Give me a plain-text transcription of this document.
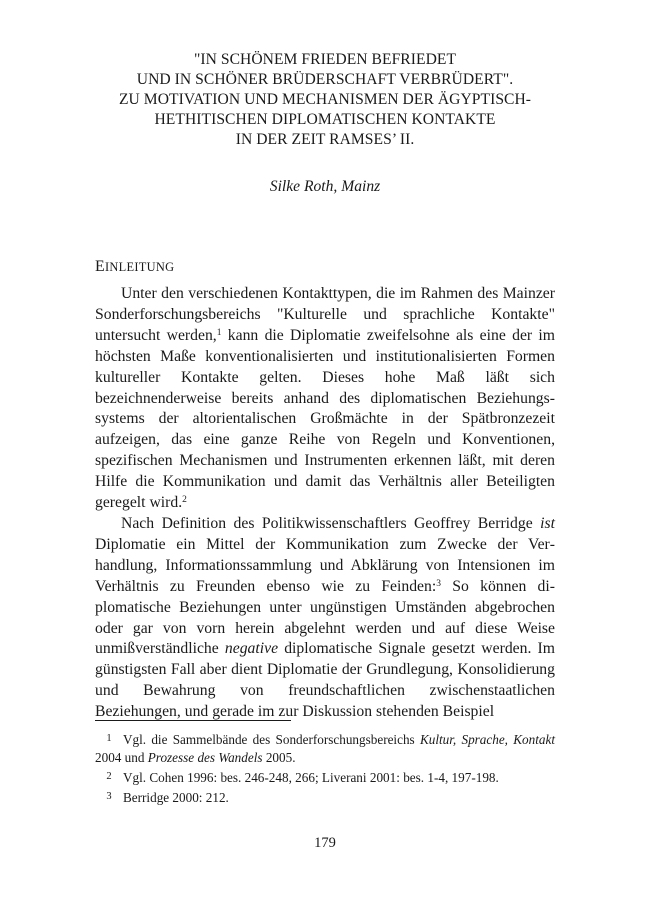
"IN SCHÖNEM FRIEDEN BEFRIEDET
UND IN SCHÖNER BRÜDERSCHAFT VERBRÜDERT".
ZU MOTIVATION UND MECHANISMEN DER ÄGYPTISCH-
HETHITISCHEN DIPLOMATISCHEN KONTAKTE
IN DER ZEIT RAMSES’ II.
Silke Roth, Mainz
EINLEITUNG

Unter den verschiedenen Kontakttypen, die im Rahmen des Mainzer Sonderforschungsbereichs "Kulturelle und sprachliche Kontakte" untersucht werden,$^1$ kann die Diplomatie zweifelsohne als eine der im höchsten Maße konventionalisierten und institutionalisierten Formen kultureller Kontakte gelten. Dieses hohe Maß läßt sich bezeichnenderweise bereits anhand des diplomatischen Beziehungssystems der altorientalischen Großmächte in der Spätbronzezeit aufzeigen, das eine ganze Reihe von Regeln und Konventionen, spezifischen Mechanismen und Instrumenten erkennen läßt, mit deren Hilfe die Kommunikation und damit das Verhältnis aller Beteiligten geregelt wird.$^2$

Nach Definition des Politikwissenschaftlers Geoffrey Berridge ist Diplomatie ein Mittel der Kommunikation zum Zwecke der Verhandlung, Informationssammlung und Abklärung von Intensionen im Verhältnis zu Freunden ebenso wie zu Feinden:$^3$ So können diplomatische Beziehungen unter ungünstigen Umständen abgebrochen oder gar von vorn herein abgelehnt werden und auf diese Weise unmißverständliche negative diplomatische Signale gesetzt werden. Im günstigsten Fall aber dient Diplomatie der Grundlegung, Konsolidierung und Bewahrung von freundschaftlichen zwischenstaatlichen Beziehungen, und gerade im zur Diskussion stehenden Beispiel

1 Vgl. die Sammelbände des Sonderforschungsbereichs Kultur, Sprache, Kontakt 2004 und Prozesse des Wandels 2005.
2 Vgl. Cohen 1996: bes. 246-248, 266; Liverani 2001: bes. 1-4, 197-198.
3 Berridge 2000: 212.
179
